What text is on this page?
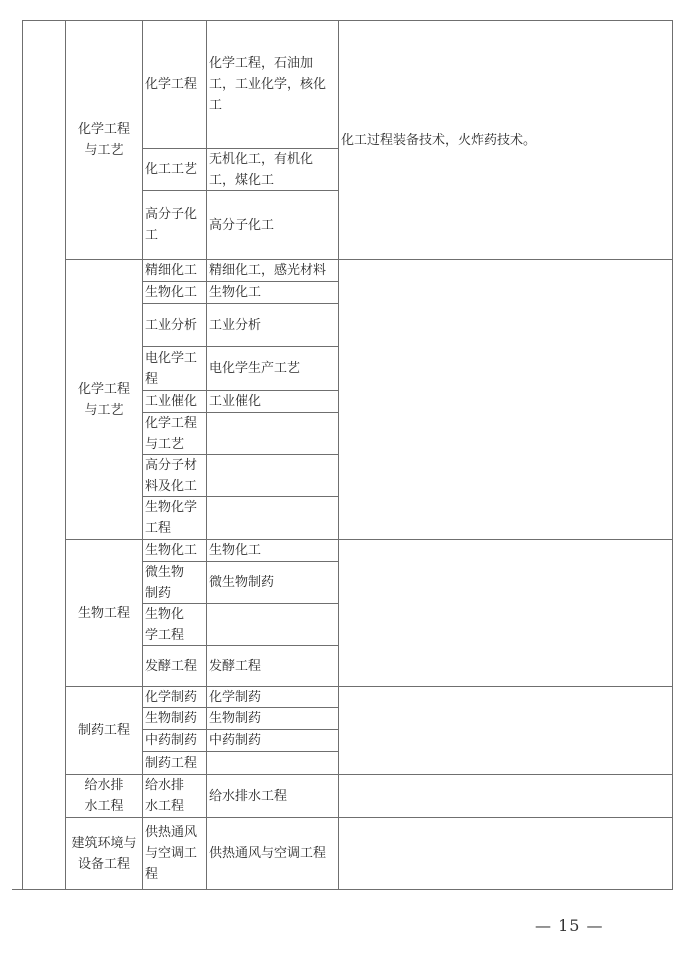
化学工程与工艺
化学工程
化学工程，石油加工，工业化学，核化工
化工工艺
无机化工，有机化工，煤化工
高分子化工
高分子化工
化工过程装备技术，火炸药技术。
化学工程与工艺
精细化工 精细化工，感光材料
生物化工 生物化工
工业分析 工业分析
电化学工程
电化学生产工艺
工业催化 工业催化
化学工程与工艺
高分子材料及化工
生物化学工程
生物工程
生物化工 生物化工
微生物制药
微生物制药
生物化学工程
发酵工程 发酵工程
制药工程
化学制药 化学制药
生物制药 生物制药
中药制药 中药制药
制药工程
给水排水工程
给水排水工程
给水排水工程
建筑环境与设备工程
供热通风与空调工程
供热通风与空调工程
— 15 —
